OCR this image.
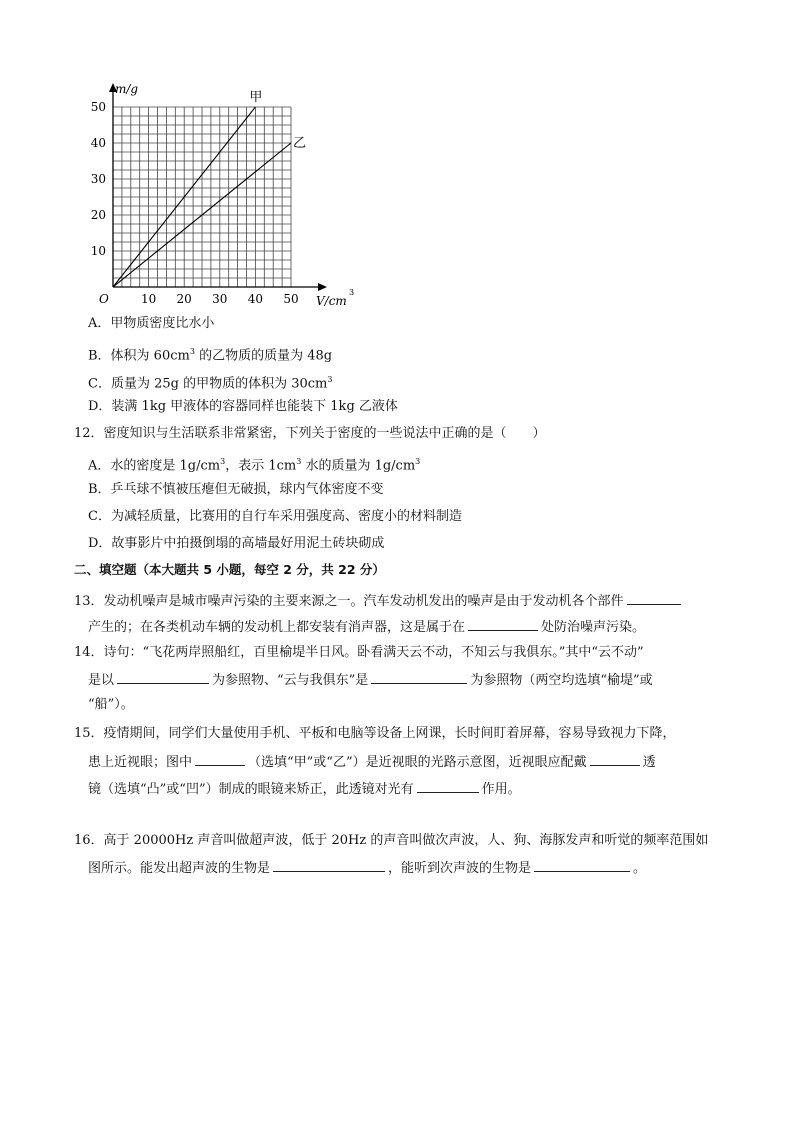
10 20 30 40 50
10
20
30
40
50
O
m/g
V/cm
3
甲
乙
A．甲物质密度比水小
B．体积为 $60cm^3$ 的乙物质的质量为 48g
C．质量为 25g 的甲物质的体积为 $30cm^3$
D．装满 1kg 甲液体的容器同样也能装下 1kg 乙液体
12．密度知识与生活联系非常紧密，下列关于密度的一些说法中正确的是（　　）
A．水的密度是 $1g/cm^3$，表示 $1cm^3$ 水的质量为 $1g/cm^3$
B．乒乓球不慎被压瘪但无破损，球内气体密度不变
C．为减轻质量，比赛用的自行车采用强度高、密度小的材料制造
D．故事影片中拍摄倒塌的高墙最好用泥土砖块砌成
二、填空题（本大题共 5 小题，每空 2 分，共 22 分）
13．发动机噪声是城市噪声污染的主要来源之一。汽车发动机发出的噪声是由于发动机各个部件
产生的；在各类机动车辆的发动机上都安装有消声器，这是属于在	处防治噪声污染。
14．诗句：“飞花两岸照船红，百里榆堤半日风。卧看满天云不动，不知云与我俱东。”其中“云不动”
是以	为参照物、“云与我俱东”是	为参照物（两空均选填“榆堤”或
“船”）。
15．疫情期间，同学们大量使用手机、平板和电脑等设备上网课，长时间盯着屏幕，容易导致视力下降，
患上近视眼；图中	（选填“甲”或“乙”）是近视眼的光路示意图，近视眼应配戴	透
镜（选填“凸”或“凹”）制成的眼镜来矫正，此透镜对光有	作用。
16．高于 20000Hz 声音叫做超声波，低于 20Hz 的声音叫做次声波，人、狗、海豚发声和听觉的频率范围如
图所示。能发出超声波的生物是	，能听到次声波的生物是	。
